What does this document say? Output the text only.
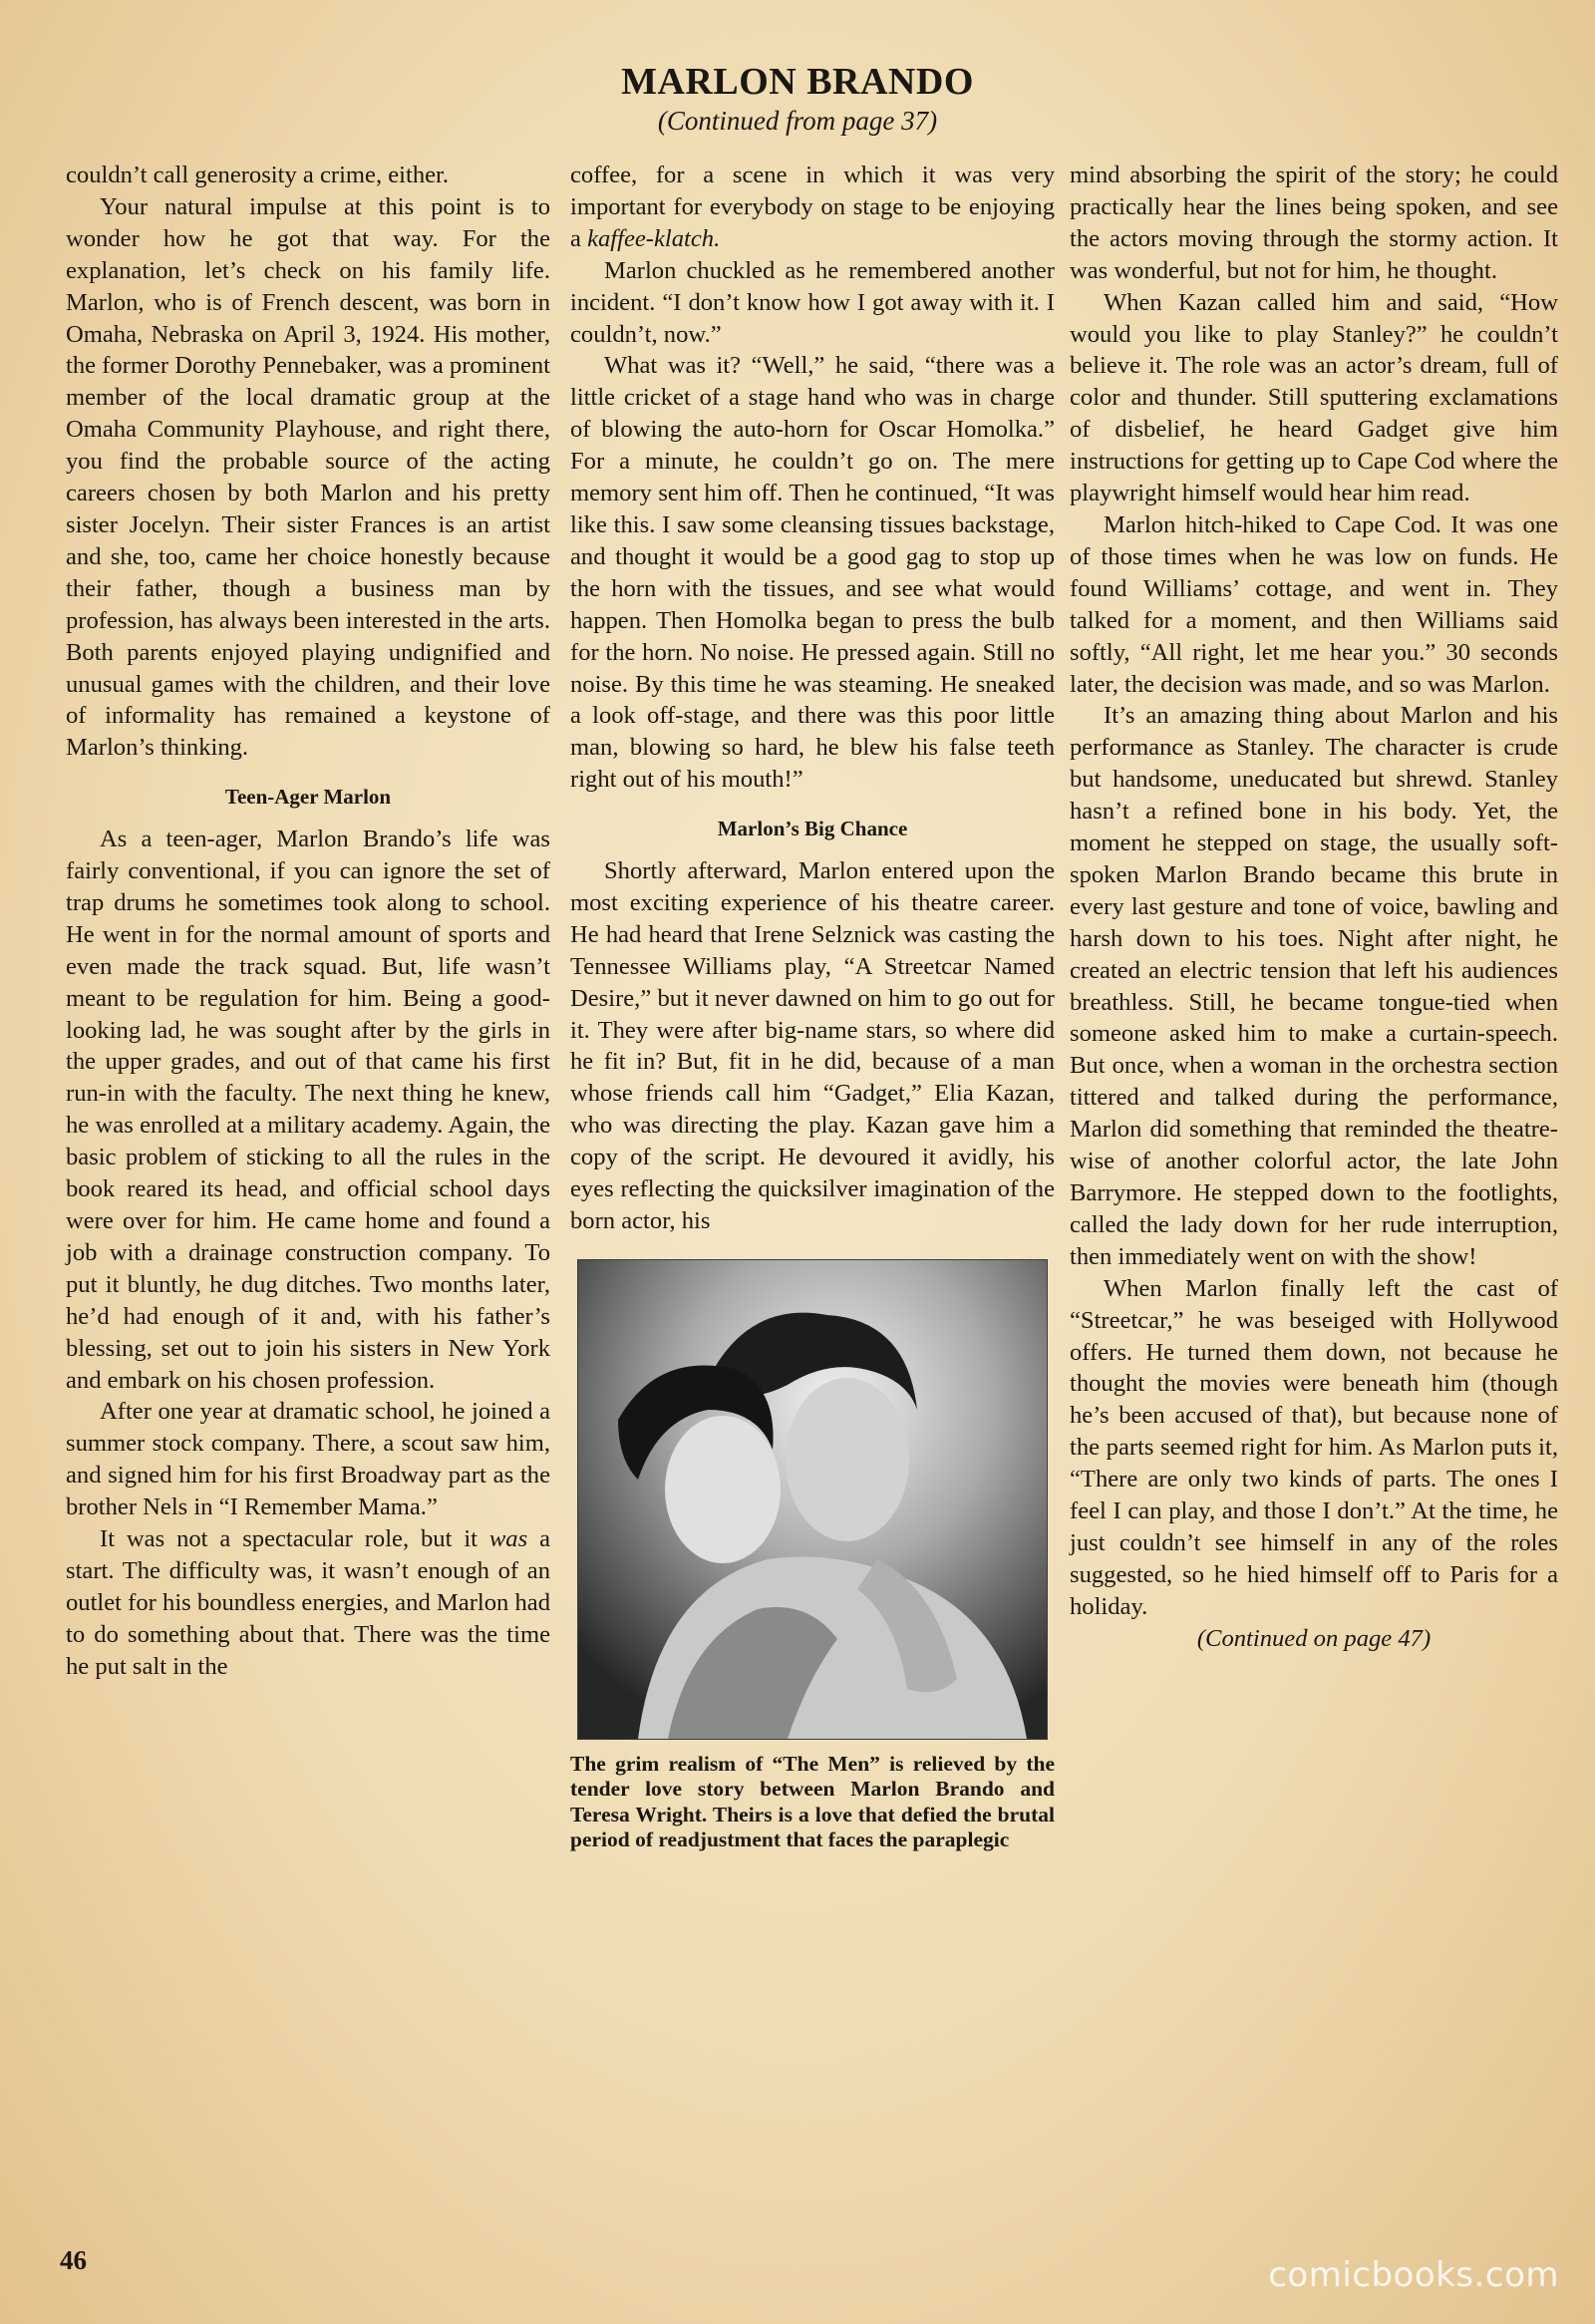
MARLON BRANDO
(Continued from page 37)

couldn’t call generosity a crime, either.

Your natural impulse at this point is to wonder how he got that way. For the explanation, let’s check on his family life. Marlon, who is of French descent, was born in Omaha, Nebraska on April 3, 1924. His mother, the former Dorothy Pennebaker, was a prominent member of the local dramatic group at the Omaha Community Playhouse, and right there, you find the probable source of the acting careers chosen by both Marlon and his pretty sister Jocelyn. Their sister Frances is an artist and she, too, came her choice honestly because their father, though a business man by profession, has always been interested in the arts. Both parents enjoyed playing undignified and unusual games with the children, and their love of informality has remained a keystone of Marlon’s thinking.

Teen-Ager Marlon

As a teen-ager, Marlon Brando’s life was fairly conventional, if you can ignore the set of trap drums he sometimes took along to school. He went in for the normal amount of sports and even made the track squad. But, life wasn’t meant to be regulation for him. Being a good-looking lad, he was sought after by the girls in the upper grades, and out of that came his first run-in with the faculty. The next thing he knew, he was enrolled at a military academy. Again, the basic problem of sticking to all the rules in the book reared its head, and official school days were over for him. He came home and found a job with a drainage construction company. To put it bluntly, he dug ditches. Two months later, he’d had enough of it and, with his father’s blessing, set out to join his sisters in New York and embark on his chosen profession.

After one year at dramatic school, he joined a summer stock company. There, a scout saw him, and signed him for his first Broadway part as the brother Nels in “I Remember Mama.”

It was not a spectacular role, but it was a start. The difficulty was, it wasn’t enough of an outlet for his boundless energies, and Marlon had to do something about that. There was the time he put salt in the

coffee, for a scene in which it was very important for everybody on stage to be enjoying a kaffee-klatch.

Marlon chuckled as he remembered another incident. “I don’t know how I got away with it. I couldn’t, now.”

What was it? “Well,” he said, “there was a little cricket of a stage hand who was in charge of blowing the auto-horn for Oscar Homolka.” For a minute, he couldn’t go on. The mere memory sent him off. Then he continued, “It was like this. I saw some cleansing tissues backstage, and thought it would be a good gag to stop up the horn with the tissues, and see what would happen. Then Homolka began to press the bulb for the horn. No noise. He pressed again. Still no noise. By this time he was steaming. He sneaked a look off-stage, and there was this poor little man, blowing so hard, he blew his false teeth right out of his mouth!”

Marlon’s Big Chance

Shortly afterward, Marlon entered upon the most exciting experience of his theatre career. He had heard that Irene Selznick was casting the Tennessee Williams play, “A Streetcar Named Desire,” but it never dawned on him to go out for it. They were after big-name stars, so where did he fit in? But, fit in he did, because of a man whose friends call him “Gadget,” Elia Kazan, who was directing the play. Kazan gave him a copy of the script. He devoured it avidly, his eyes reflecting the quicksilver imagination of the born actor, his

The grim realism of “The Men” is relieved by the tender love story between Marlon Brando and Teresa Wright. Theirs is a love that defied the brutal period of readjustment that faces the paraplegic

mind absorbing the spirit of the story; he could practically hear the lines being spoken, and see the actors moving through the stormy action. It was wonderful, but not for him, he thought.

When Kazan called him and said, “How would you like to play Stanley?” he couldn’t believe it. The role was an actor’s dream, full of color and thunder. Still sputtering exclamations of disbelief, he heard Gadget give him instructions for getting up to Cape Cod where the playwright himself would hear him read.

Marlon hitch-hiked to Cape Cod. It was one of those times when he was low on funds. He found Williams’ cottage, and went in. They talked for a moment, and then Williams said softly, “All right, let me hear you.” 30 seconds later, the decision was made, and so was Marlon.

It’s an amazing thing about Marlon and his performance as Stanley. The character is crude but handsome, uneducated but shrewd. Stanley hasn’t a refined bone in his body. Yet, the moment he stepped on stage, the usually soft-spoken Marlon Brando became this brute in every last gesture and tone of voice, bawling and harsh down to his toes. Night after night, he created an electric tension that left his audiences breathless. Still, he became tongue-tied when someone asked him to make a curtain-speech. But once, when a woman in the orchestra section tittered and talked during the performance, Marlon did something that reminded the theatre-wise of another colorful actor, the late John Barrymore. He stepped down to the footlights, called the lady down for her rude interruption, then immediately went on with the show!

When Marlon finally left the cast of “Streetcar,” he was beseiged with Hollywood offers. He turned them down, not because he thought the movies were beneath him (though he’s been accused of that), but because none of the parts seemed right for him. As Marlon puts it, “There are only two kinds of parts. The ones I feel I can play, and those I don’t.” At the time, he just couldn’t see himself in any of the roles suggested, so he hied himself off to Paris for a holiday.

(Continued on page 47)

46	comicbooks.com
